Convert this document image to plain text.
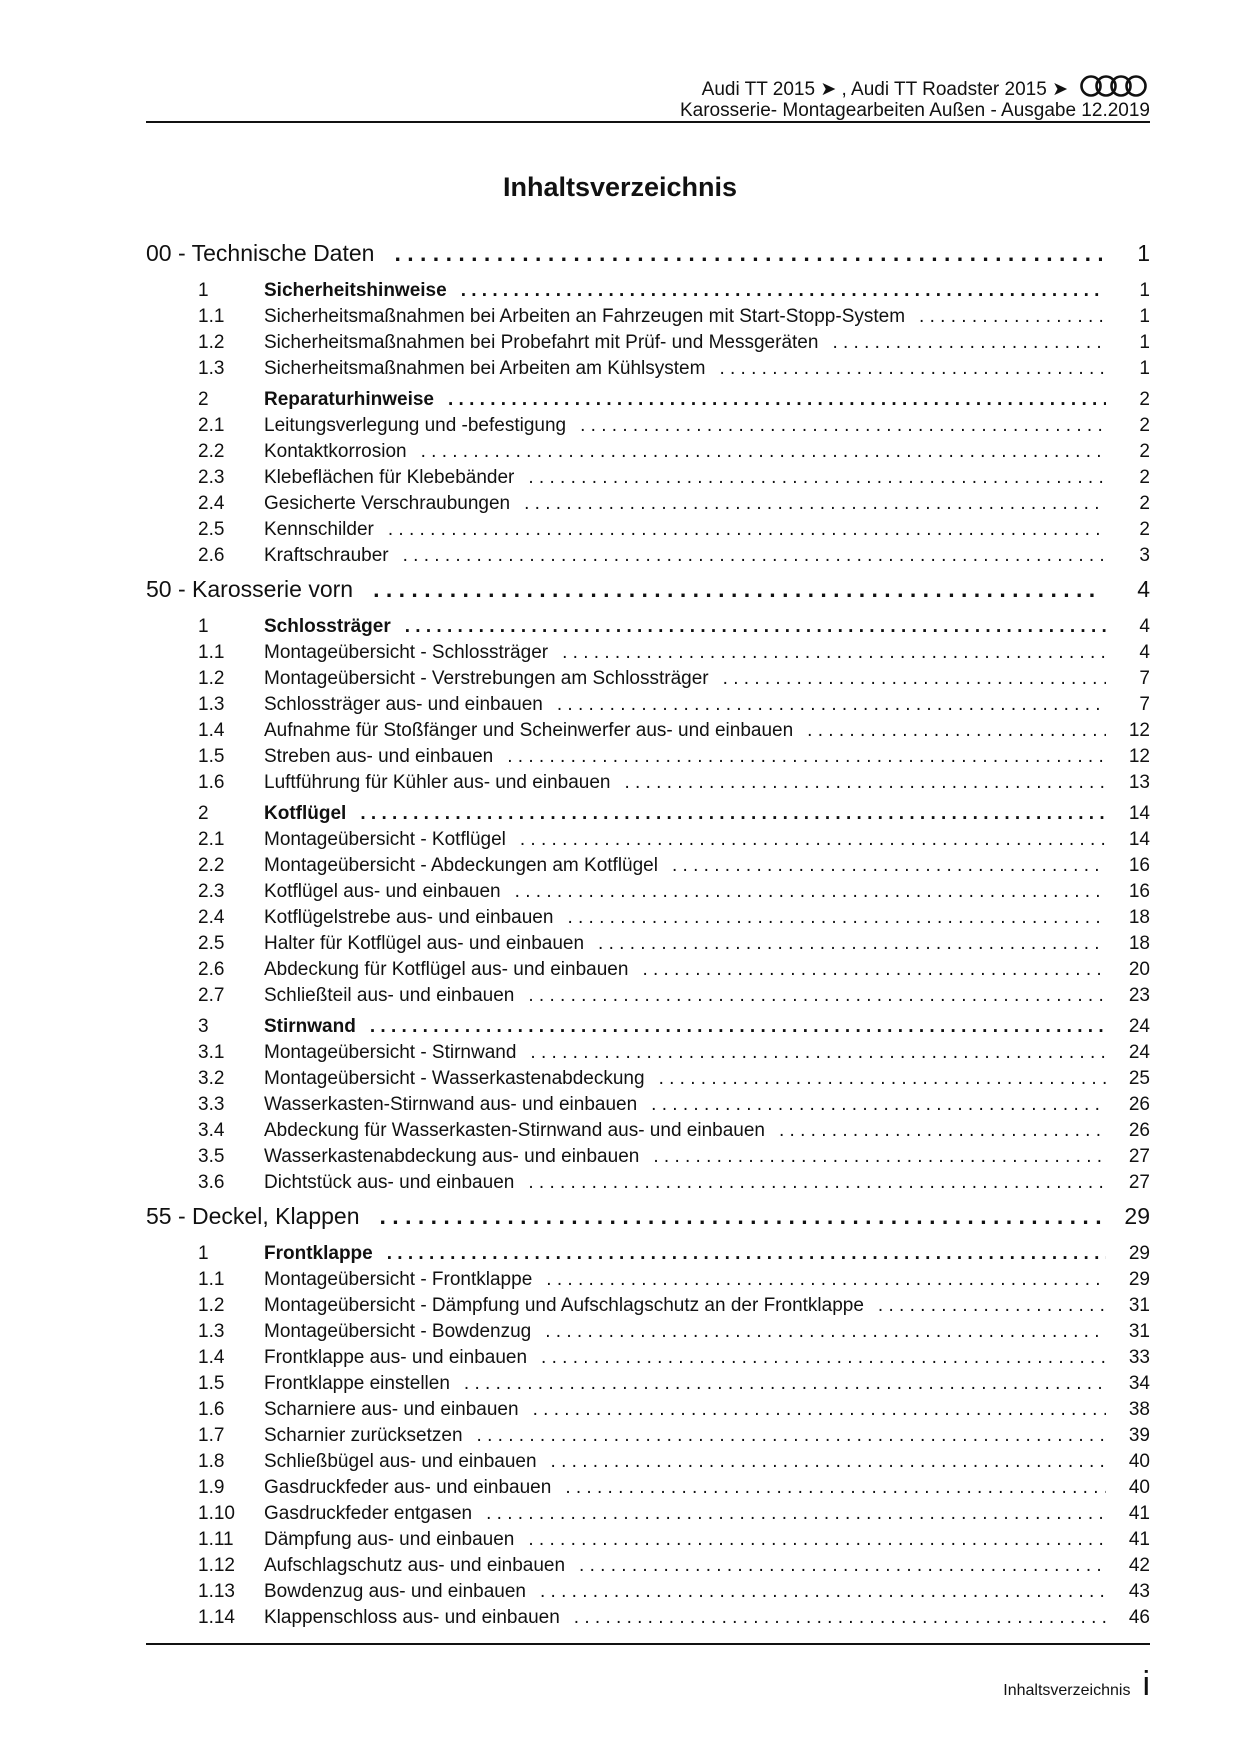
Audi TT 2015 ➤ , Audi TT Roadster 2015 ➤
Karosserie- Montagearbeiten Außen - Ausgabe 12.2019
Inhaltsverzeichnis
00 - Technische Daten . . .	1
1	Sicherheitshinweise . . .	1
1.1	Sicherheitsmaßnahmen bei Arbeiten an Fahrzeugen mit Start-Stopp-System . . .	1
1.2	Sicherheitsmaßnahmen bei Probefahrt mit Prüf- und Messgeräten . . .	1
1.3	Sicherheitsmaßnahmen bei Arbeiten am Kühlsystem . . .	1
2	Reparaturhinweise . . .	2
2.1	Leitungsverlegung und -befestigung . . .	2
2.2	Kontaktkorrosion . . .	2
2.3	Klebeflächen für Klebebänder . . .	2
2.4	Gesicherte Verschraubungen . . .	2
2.5	Kennschilder . . .	2
2.6	Kraftschrauber . . .	3
50 - Karosserie vorn . . .	4
1	Schlossträger . . .	4
1.1	Montageübersicht - Schlossträger . . .	4
1.2	Montageübersicht - Verstrebungen am Schlossträger . . .	7
1.3	Schlossträger aus- und einbauen . . .	7
1.4	Aufnahme für Stoßfänger und Scheinwerfer aus- und einbauen . . .	12
1.5	Streben aus- und einbauen . . .	12
1.6	Luftführung für Kühler aus- und einbauen . . .	13
2	Kotflügel . . .	14
2.1	Montageübersicht - Kotflügel . . .	14
2.2	Montageübersicht - Abdeckungen am Kotflügel . . .	16
2.3	Kotflügel aus- und einbauen . . .	16
2.4	Kotflügelstrebe aus- und einbauen . . .	18
2.5	Halter für Kotflügel aus- und einbauen . . .	18
2.6	Abdeckung für Kotflügel aus- und einbauen . . .	20
2.7	Schließteil aus- und einbauen . . .	23
3	Stirnwand . . .	24
3.1	Montageübersicht - Stirnwand . . .	24
3.2	Montageübersicht - Wasserkastenabdeckung . . .	25
3.3	Wasserkasten-Stirnwand aus- und einbauen . . .	26
3.4	Abdeckung für Wasserkasten-Stirnwand aus- und einbauen . . .	26
3.5	Wasserkastenabdeckung aus- und einbauen . . .	27
3.6	Dichtstück aus- und einbauen . . .	27
55 - Deckel, Klappen . . .	29
1	Frontklappe . . .	29
1.1	Montageübersicht - Frontklappe . . .	29
1.2	Montageübersicht - Dämpfung und Aufschlagschutz an der Frontklappe . . .	31
1.3	Montageübersicht - Bowdenzug . . .	31
1.4	Frontklappe aus- und einbauen . . .	33
1.5	Frontklappe einstellen . . .	34
1.6	Scharniere aus- und einbauen . . .	38
1.7	Scharnier zurücksetzen . . .	39
1.8	Schließbügel aus- und einbauen . . .	40
1.9	Gasdruckfeder aus- und einbauen . . .	40
1.10	Gasdruckfeder entgasen . . .	41
1.11	Dämpfung aus- und einbauen . . .	41
1.12	Aufschlagschutz aus- und einbauen . . .	42
1.13	Bowdenzug aus- und einbauen . . .	43
1.14	Klappenschloss aus- und einbauen . . .	46
Inhaltsverzeichnis i
